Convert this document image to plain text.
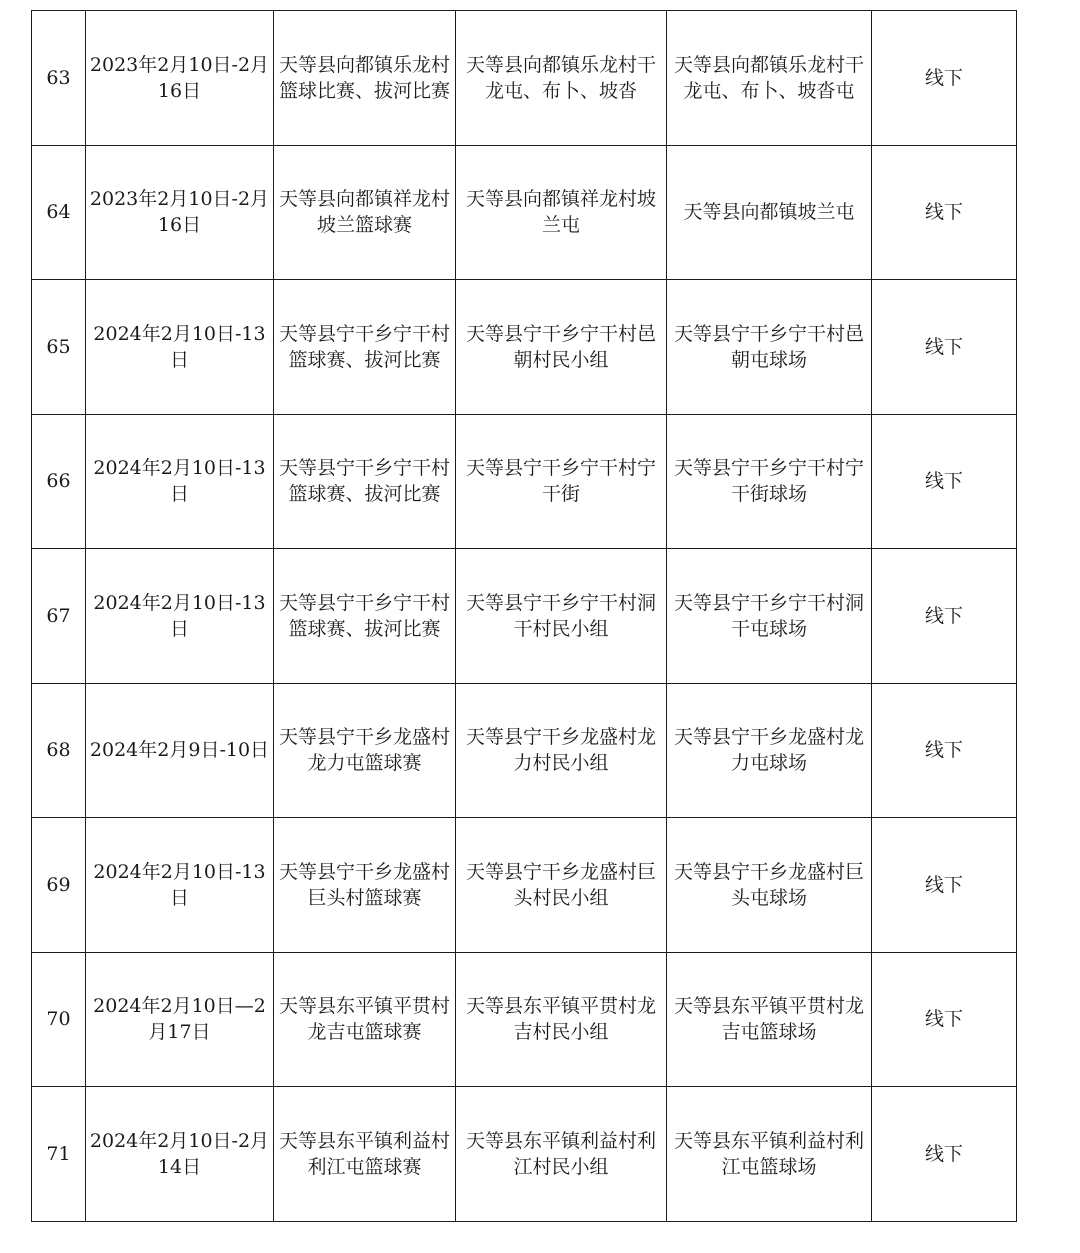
63	2023年2月10日-2月16日	天等县向都镇乐龙村篮球比赛、拔河比赛	天等县向都镇乐龙村干龙屯、布卜、坡沓	天等县向都镇乐龙村干龙屯、布卜、坡沓屯	线下
64	2023年2月10日-2月16日	天等县向都镇祥龙村坡兰篮球赛	天等县向都镇祥龙村坡兰屯	天等县向都镇坡兰屯	线下
65	2024年2月10日-13日	天等县宁干乡宁干村篮球赛、拔河比赛	天等县宁干乡宁干村邑朝村民小组	天等县宁干乡宁干村邑朝屯球场	线下
66	2024年2月10日-13日	天等县宁干乡宁干村篮球赛、拔河比赛	天等县宁干乡宁干村宁干街	天等县宁干乡宁干村宁干街球场	线下
67	2024年2月10日-13日	天等县宁干乡宁干村篮球赛、拔河比赛	天等县宁干乡宁干村洞干村民小组	天等县宁干乡宁干村洞干屯球场	线下
68	2024年2月9日-10日	天等县宁干乡龙盛村龙力屯篮球赛	天等县宁干乡龙盛村龙力村民小组	天等县宁干乡龙盛村龙力屯球场	线下
69	2024年2月10日-13日	天等县宁干乡龙盛村巨头村篮球赛	天等县宁干乡龙盛村巨头村民小组	天等县宁干乡龙盛村巨头屯球场	线下
70	2024年2月10日—2月17日	天等县东平镇平贯村龙吉屯篮球赛	天等县东平镇平贯村龙吉村民小组	天等县东平镇平贯村龙吉屯篮球场	线下
71	2024年2月10日-2月14日	天等县东平镇利益村利江屯篮球赛	天等县东平镇利益村利江村民小组	天等县东平镇利益村利江屯篮球场	线下
